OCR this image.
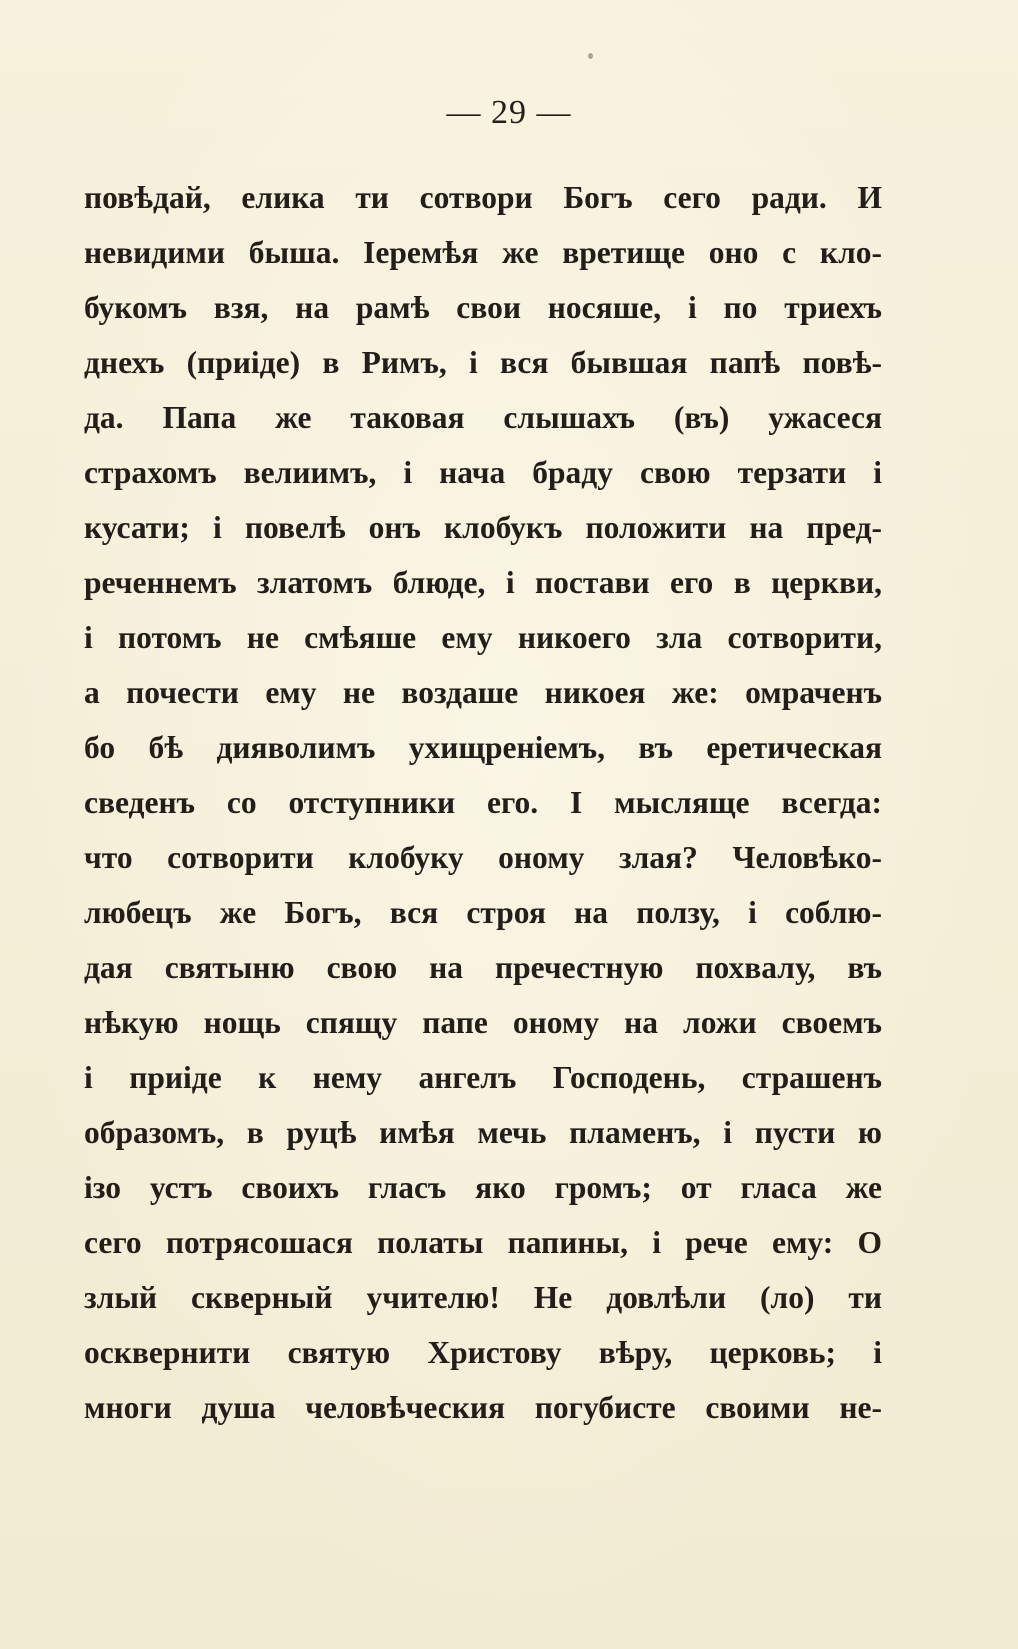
— 29 —
повѣдай, елика ти сотвори Богъ сего ради. И
невидими быша. Іеремѣя же вретище оно с кло-
букомъ взя, на рамѣ свои носяше, і по триехъ
днехъ (приіде) в Римъ, і вся бывшая папѣ повѣ-
да. Папа же таковая слышахъ (въ) ужасеся
страхомъ велиимъ, і нача браду свою терзати і
кусати; і повелѣ онъ клобукъ положити на пред-
реченнемъ златомъ блюде, і постави его в церкви,
і потомъ не смѣяше ему никоего зла сотворити,
а почести ему не воздаше никоея же: омраченъ
бо бѣ дияволимъ ухищреніемъ, въ еретическая
сведенъ со отступники его. І мысляще всегда:
что сотворити клобуку оному злая? Человѣко-
любецъ же Богъ, вся строя на ползу, і соблю-
дая святыню свою на пречестную похвалу, въ
нѣкую нощь спящу папе оному на ложи своемъ
і приіде к нему ангелъ Господень, страшенъ
образомъ, в руцѣ имѣя мечь пламенъ, і пусти ю
ізо устъ своихъ гласъ яко громъ; от гласа же
сего потрясошася полаты папины, і рече ему: О
злый скверный учителю! Не довлѣли (ло) ти
осквернити святую Христову вѣру, церковь; і
многи душа человѣческия погубисте своими не-
